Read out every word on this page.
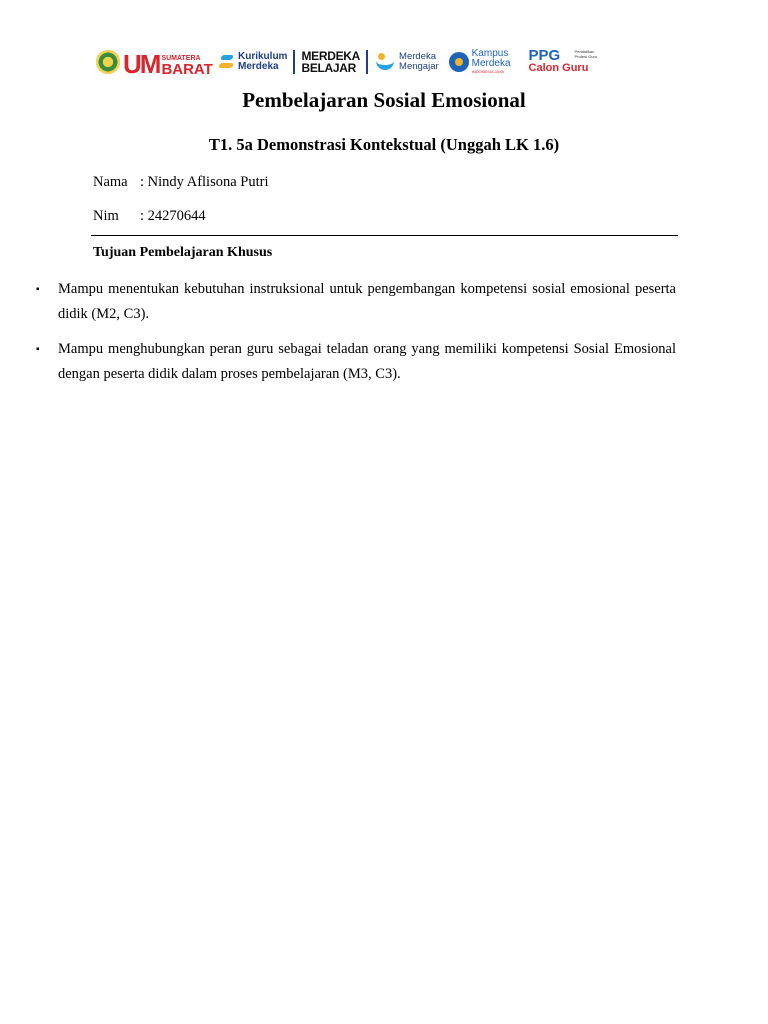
UM SUMATERA
BARAT
Kurikulum
Merdeka
MERDEKA
BELAJAR
Merdeka
Mengajar
Kampus
Merdeka
INDONESIA JAYA
PPG
Calon Guru
Pendidikan Profesi Guru
Pembelajaran Sosial Emosional
T1. 5a Demonstrasi Kontekstual (Unggah LK 1.6)
Nama : Nindy Aflisona Putri
Nim	: 24270644
Tujuan Pembelajaran Khusus
▪ Mampu menentukan kebutuhan instruksional untuk pengembangan kompetensi sosial emosional peserta didik (M2, C3).
▪ Mampu menghubungkan peran guru sebagai teladan orang yang memiliki kompetensi Sosial Emosional dengan peserta didik dalam proses pembelajaran (M3, C3).
